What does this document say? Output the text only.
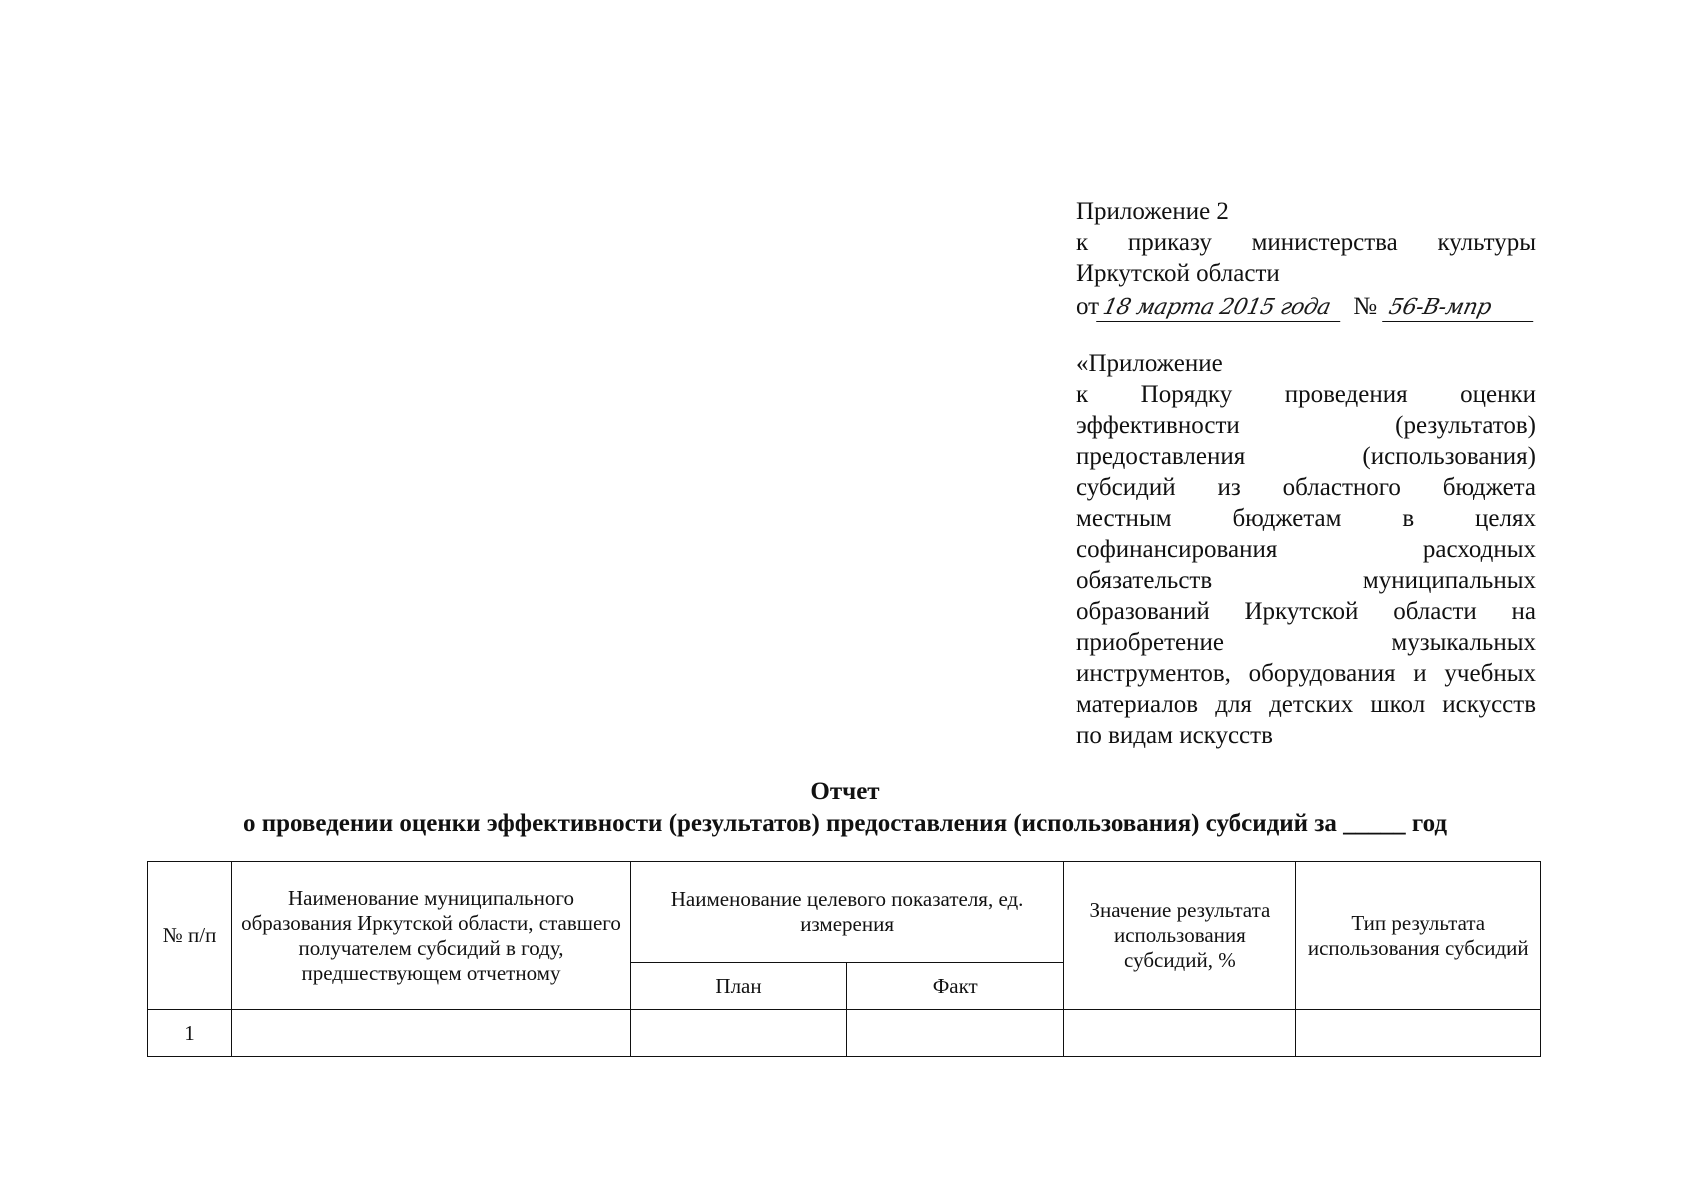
Приложение 2
к приказу министерства культуры
Иркутской области
от 18 марта 2015 года № 56-В-мпр
«Приложение
к Порядку проведения оценки
эффективности (результатов)
предоставления (использования)
субсидий из областного бюджета
местным бюджетам в целях
софинансирования расходных
обязательств муниципальных
образований Иркутской области на
приобретение музыкальных
инструментов, оборудования и учебных
материалов для детских школ искусств
по видам искусств
Отчет
о проведении оценки эффективности (результатов) предоставления (использования) субсидий за _____ год
№ п/п	Наименование муниципального образования Иркутской области, ставшего получателем субсидий в году, предшествующем отчетному	Наименование целевого показателя, ед. измерения		Значение результата использования субсидий, %	Тип результата использования субсидий
		План	Факт		
1					
